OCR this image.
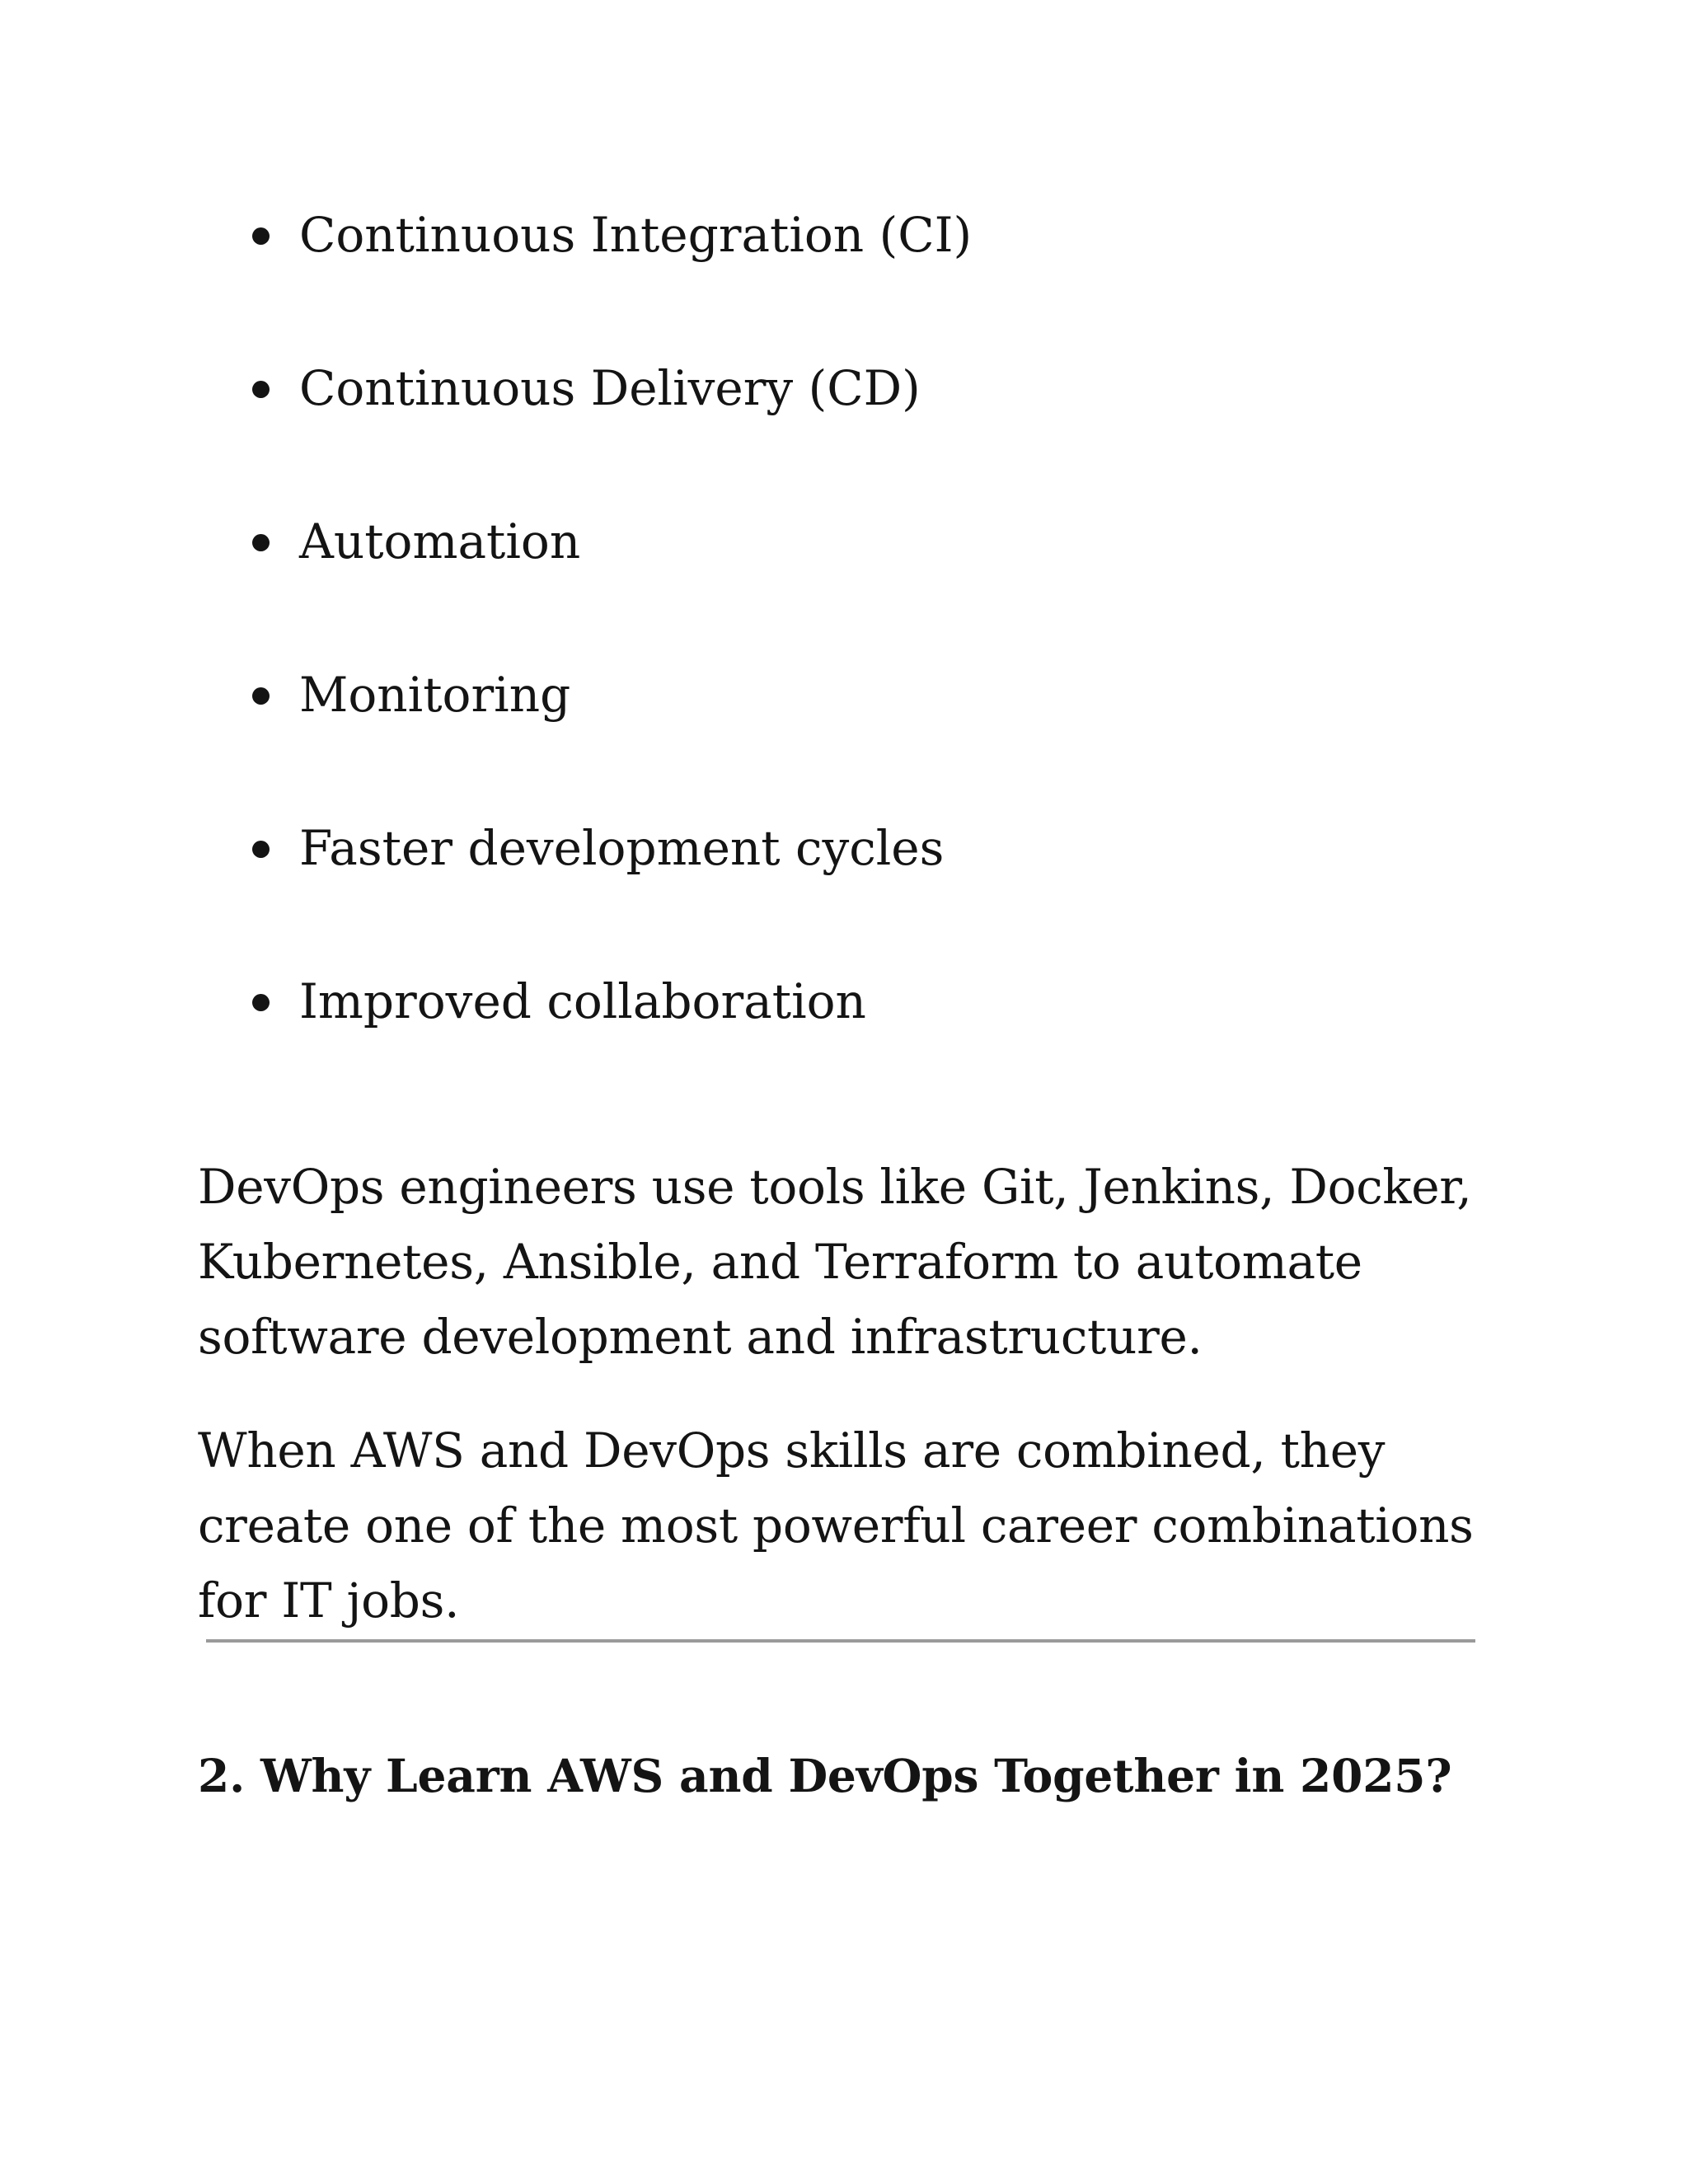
Continuous Integration (CI)
Continuous Delivery (CD)
Automation
Monitoring
Faster development cycles
Improved collaboration

DevOps engineers use tools like Git, Jenkins, Docker, Kubernetes, Ansible, and Terraform to automate software development and infrastructure.

When AWS and DevOps skills are combined, they create one of the most powerful career combinations for IT jobs.

2. Why Learn AWS and DevOps Together in 2025?
